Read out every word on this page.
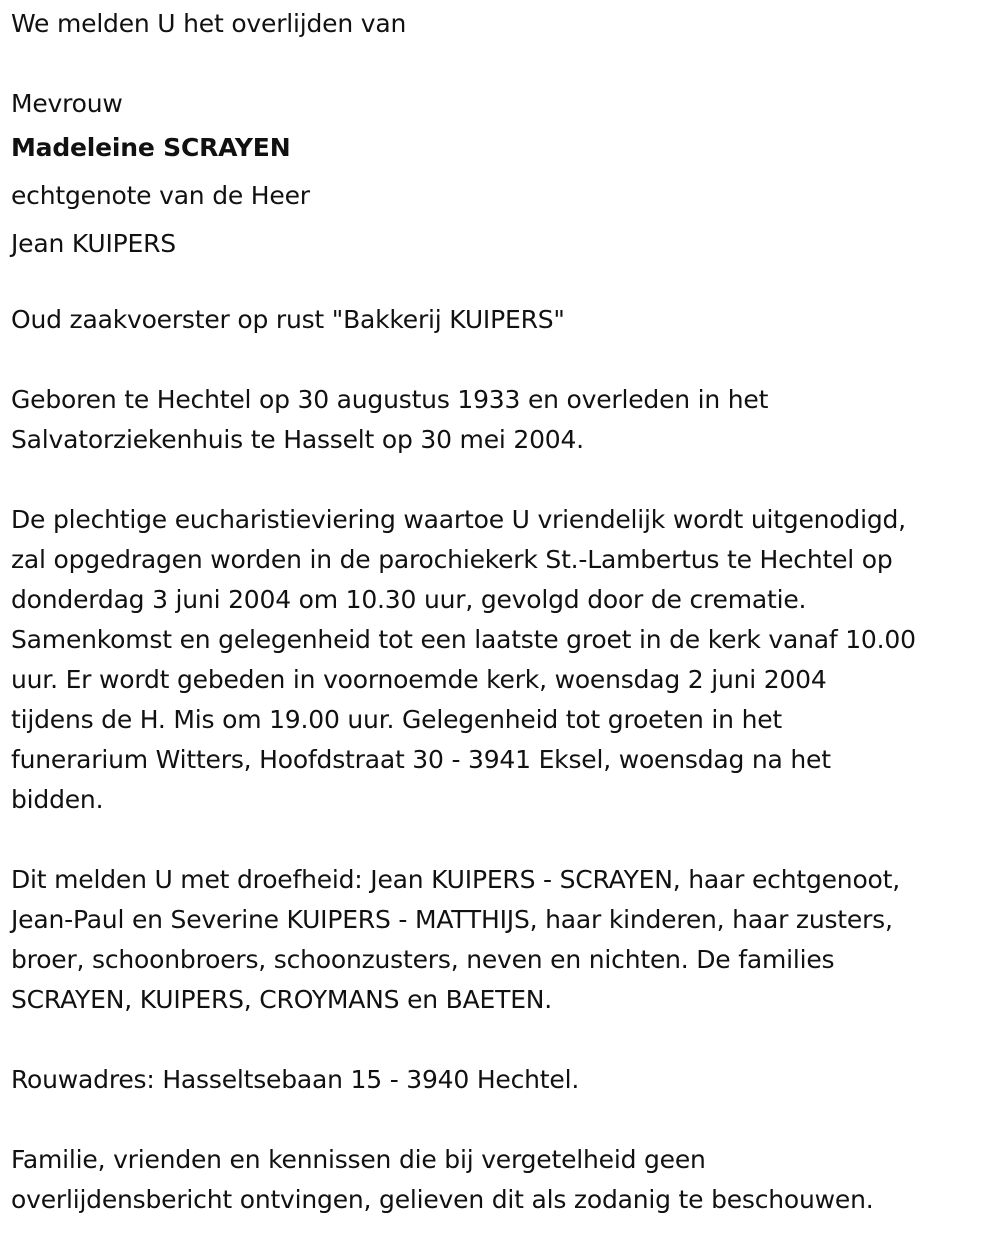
We melden U het overlijden van

Mevrouw

Madeleine SCRAYEN

echtgenote van de Heer

Jean KUIPERS

Oud zaakvoerster op rust "Bakkerij KUIPERS"

Geboren te Hechtel op 30 augustus 1933 en overleden in het

Salvatorziekenhuis te Hasselt op 30 mei 2004.

De plechtige eucharistieviering waartoe U vriendelijk wordt uitgenodigd,

zal opgedragen worden in de parochiekerk St.-Lambertus te Hechtel op

donderdag 3 juni 2004 om 10.30 uur, gevolgd door de crematie.

Samenkomst en gelegenheid tot een laatste groet in de kerk vanaf 10.00

uur. Er wordt gebeden in voornoemde kerk, woensdag 2 juni 2004

tijdens de H. Mis om 19.00 uur. Gelegenheid tot groeten in het

funerarium Witters, Hoofdstraat 30 - 3941 Eksel, woensdag na het

bidden.

Dit melden U met droefheid: Jean KUIPERS - SCRAYEN, haar echtgenoot,

Jean-Paul en Severine KUIPERS - MATTHIJS, haar kinderen, haar zusters,

broer, schoonbroers, schoonzusters, neven en nichten. De families

SCRAYEN, KUIPERS, CROYMANS en BAETEN.

Rouwadres: Hasseltsebaan 15 - 3940 Hechtel.

Familie, vrienden en kennissen die bij vergetelheid geen

overlijdensbericht ontvingen, gelieven dit als zodanig te beschouwen.
